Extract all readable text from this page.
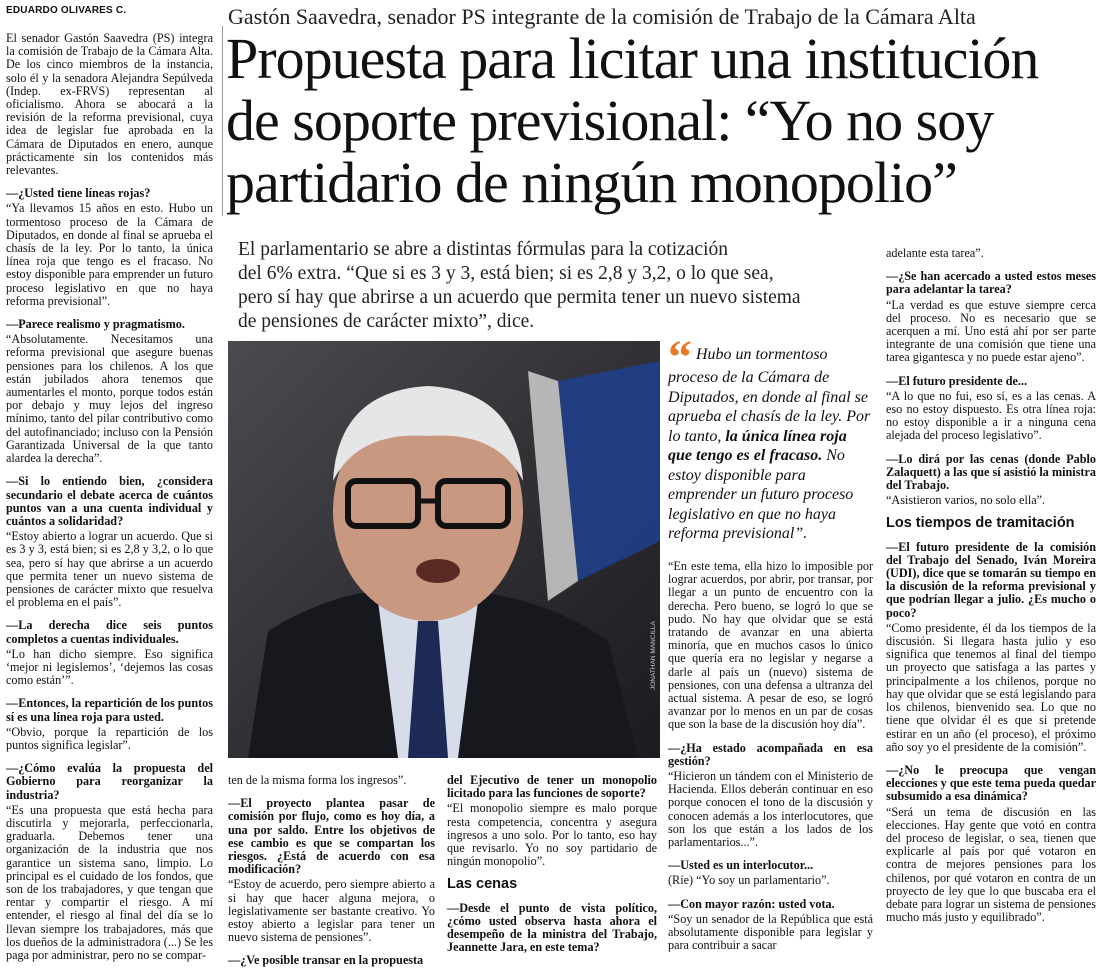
EDUARDO OLIVARES C.	Gastón Saavedra, senador PS integrante de la comisión de Trabajo de la Cámara Alta
Propuesta para licitar una institución
de soporte previsional: “Yo no soy
partidario de ningún monopolio”
El parlamentario se abre a distintas fórmulas para la cotización
del 6% extra. “Que si es 3 y 3, está bien; si es 2,8 y 3,2, o lo que sea,
pero sí hay que abrirse a un acuerdo que permita tener un nuevo sistema
de pensiones de carácter mixto”, dice.
JONATHAN MANCILLA
“ Hubo un tormentoso proceso de la Cámara de Diputados, en donde al final se aprueba el chasís de la ley. Por lo tanto, la única línea roja que tengo es el fracaso. No estoy disponible para emprender un futuro proceso legislativo en que no haya reforma previsional”.

El senador Gastón Saavedra (PS) integra la comisión de Trabajo de la Cámara Alta. De los cinco miembros de la instancia, solo él y la senadora Alejandra Sepúlveda (Indep. ex-FRVS) representan al oficialismo. Ahora se abocará a la revisión de la reforma previsional, cuya idea de legislar fue aprobada en la Cámara de Diputados en enero, aunque prácticamente sin los contenidos más relevantes.

—¿Usted tiene líneas rojas?

“Ya llevamos 15 años en esto. Hubo un tormentoso proceso de la Cámara de Diputados, en donde al final se aprueba el chasís de la ley. Por lo tanto, la única línea roja que tengo es el fracaso. No estoy disponible para emprender un futuro proceso legislativo en que no haya reforma previsional”.

—Parece realismo y pragmatismo.

“Absolutamente. Necesitamos una reforma previsional que asegure buenas pensiones para los chilenos. A los que están jubilados ahora tenemos que aumentarles el monto, porque todos están por debajo y muy lejos del ingreso mínimo, tanto del pilar contributivo como del autofinanciado; incluso con la Pensión Garantizada Universal de la que tanto alardea la derecha”.

—Si lo entiendo bien, ¿considera secundario el debate acerca de cuántos puntos van a una cuenta individual y cuántos a solidaridad?

“Estoy abierto a lograr un acuerdo. Que si es 3 y 3, está bien; si es 2,8 y 3,2, o lo que sea, pero sí hay que abrirse a un acuerdo que permita tener un nuevo sistema de pensiones de carácter mixto que resuelva el problema en el país”.

—La derecha dice seis puntos completos a cuentas individuales.

“Lo han dicho siempre. Eso significa ‘mejor ni legislemos’, ‘dejemos las cosas como están’”.

—Entonces, la repartición de los puntos sí es una línea roja para usted.

“Obvio, porque la repartición de los puntos significa legislar”.

—¿Cómo evalúa la propuesta del Gobierno para reorganizar la industria?

“Es una propuesta que está hecha para discutirla y mejorarla, perfeccionarla, graduarla. Debemos tener una organización de la industria que nos garantice un sistema sano, limpio. Lo principal es el cuidado de los fondos, que son de los trabajadores, y que tengan que rentar y compartir el riesgo. A mí entender, el riesgo al final del día se lo llevan siempre los trabajadores, más que los dueños de la administradora (...) Se les paga por administrar, pero no se compar-

ten de la misma forma los ingresos”.

—El proyecto plantea pasar de comisión por flujo, como es hoy día, a una por saldo. Entre los objetivos de ese cambio es que se compartan los riesgos. ¿Está de acuerdo con esa modificación?

“Estoy de acuerdo, pero siempre abierto a si hay que hacer alguna mejora, o legislativamente ser bastante creativo. Yo estoy abierto a legislar para tener un nuevo sistema de pensiones”.

—¿Ve posible transar en la propuesta

del Ejecutivo de tener un monopolio licitado para las funciones de soporte?

“El monopolio siempre es malo porque resta competencia, concentra y asegura ingresos a uno solo. Por lo tanto, eso hay que revisarlo. Yo no soy partidario de ningún monopolio”.

Las cenas

—Desde el punto de vista político, ¿cómo usted observa hasta ahora el desempeño de la ministra del Trabajo, Jeannette Jara, en este tema?

“En este tema, ella hizo lo imposible por lograr acuerdos, por abrir, por transar, por llegar a un punto de encuentro con la derecha. Pero bueno, se logró lo que se pudo. No hay que olvidar que se está tratando de avanzar en una abierta minoría, que en muchos casos lo único que quería era no legislar y negarse a darle al país un (nuevo) sistema de pensiones, con una defensa a ultranza del actual sistema. A pesar de eso, se logró avanzar por lo menos en un par de cosas que son la base de la discusión hoy día”.

—¿Ha estado acompañada en esa gestión?

“Hicieron un tándem con el Ministerio de Hacienda. Ellos deberán continuar en eso porque conocen el tono de la discusión y conocen además a los interlocutores, que son los que están a los lados de los parlamentarios...”.

—Usted es un interlocutor...

(Ríe) “Yo soy un parlamentario”.

—Con mayor razón: usted vota.

“Soy un senador de la República que está absolutamente disponible para legislar y para contribuir a sacar

adelante esta tarea”.

—¿Se han acercado a usted estos meses para adelantar la tarea?

“La verdad es que estuve siempre cerca del proceso. No es necesario que se acerquen a mí. Uno está ahí por ser parte integrante de una comisión que tiene una tarea gigantesca y no puede estar ajeno”.

—El futuro presidente de...

“A lo que no fui, eso sí, es a las cenas. A eso no estoy dispuesto. Es otra línea roja: no estoy disponible a ir a ninguna cena alejada del proceso legislativo”.

—Lo dirá por las cenas (donde Pablo Zalaquett) a las que sí asistió la ministra del Trabajo.

“Asistieron varios, no solo ella”.

Los tiempos de tramitación

—El futuro presidente de la comisión del Trabajo del Senado, Iván Moreira (UDI), dice que se tomarán su tiempo en la discusión de la reforma previsional y que podrían llegar a julio. ¿Es mucho o poco?

“Como presidente, él da los tiempos de la discusión. Si llegara hasta julio y eso significa que tenemos al final del tiempo un proyecto que satisfaga a las partes y principalmente a los chilenos, porque no hay que olvidar que se está legislando para los chilenos, bienvenido sea. Lo que no tiene que olvidar él es que si pretende estirar en un año (el proceso), el próximo año soy yo el presidente de la comisión”.

—¿No le preocupa que vengan elecciones y que este tema pueda quedar subsumido a esa dinámica?

“Será un tema de discusión en las elecciones. Hay gente que votó en contra del proceso de legislar, o sea, tienen que explicarle al país por qué votaron en contra de mejores pensiones para los chilenos, por qué votaron en contra de un proyecto de ley que lo que buscaba era el debate para lograr un sistema de pensiones mucho más justo y equilibrado”.
